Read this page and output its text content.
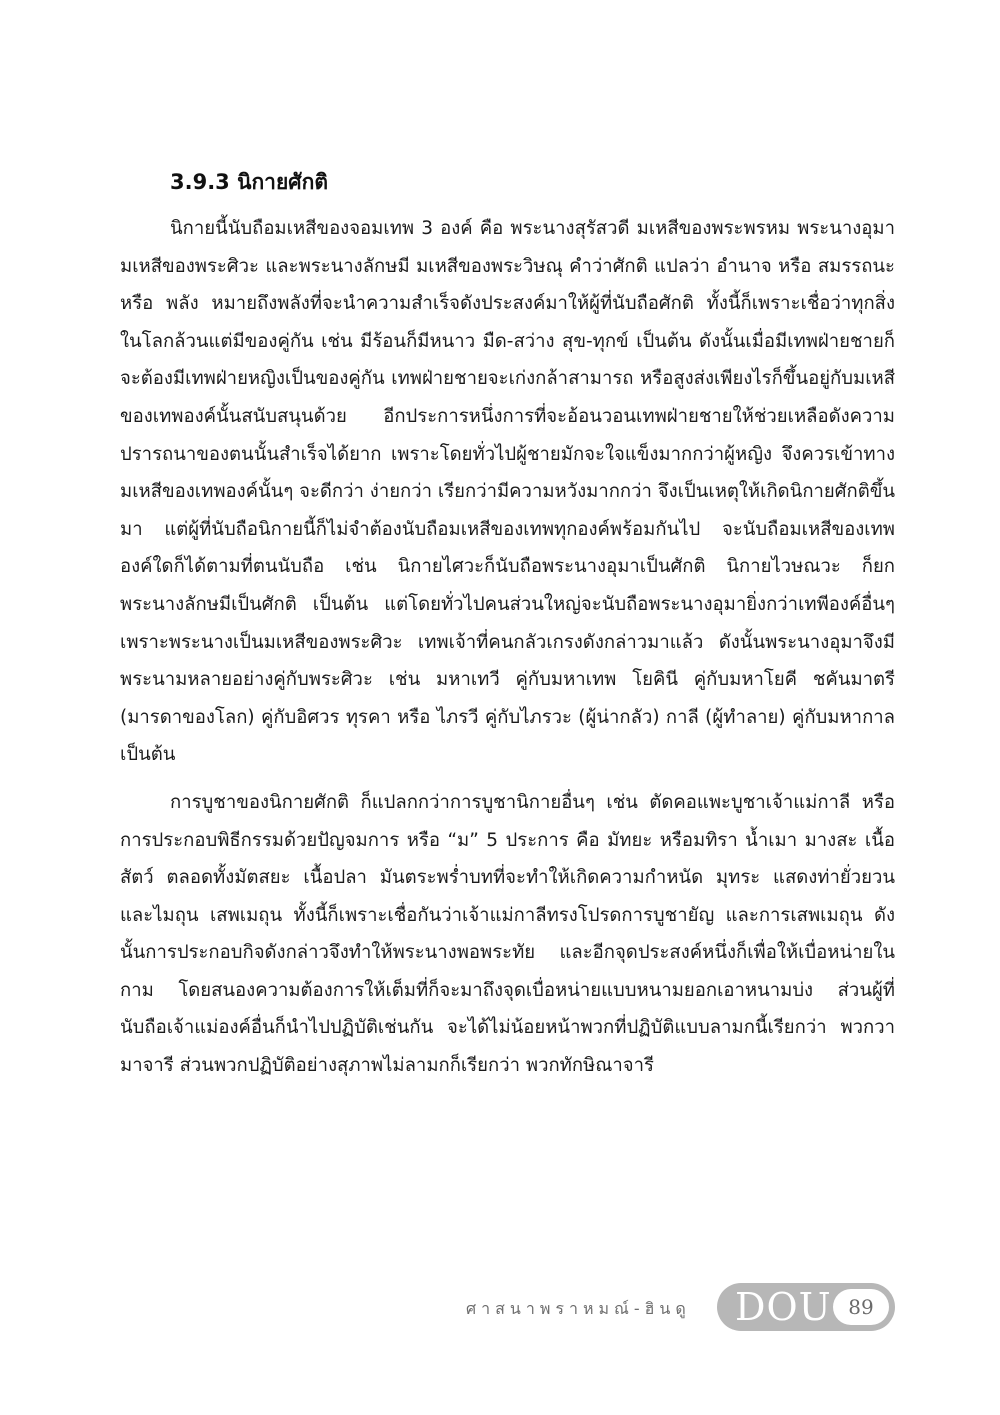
3.9.3 นิกายศักติ

นิกายนี้นับถือมเหสีของจอมเทพ 3 องค์ คือ พระนางสุรัสวดี มเหสีของพระพรหม พระนางอุมา มเหสีของพระศิวะ และพระนางลักษมี มเหสีของพระวิษณุ คำว่าศักติ แปลว่า อำนาจ หรือ สมรรถนะ หรือ พลัง หมายถึงพลังที่จะนำความสำเร็จดังประสงค์มาให้ผู้ที่นับถือศักติ ทั้งนี้ก็เพราะเชื่อว่าทุกสิ่งในโลกล้วนแต่มีของคู่กัน เช่น มีร้อนก็มีหนาว มืด-สว่าง สุข-ทุกข์ เป็นต้น ดังนั้นเมื่อมีเทพฝ่ายชายก็จะต้องมีเทพฝ่ายหญิงเป็นของคู่กัน เทพฝ่ายชายจะเก่งกล้าสามารถ หรือสูงส่งเพียงไรก็ขึ้นอยู่กับมเหสีของเทพองค์นั้นสนับสนุนด้วย อีกประการหนึ่งการที่จะอ้อนวอนเทพฝ่ายชายให้ช่วยเหลือดังความปรารถนาของตนนั้นสำเร็จได้ยาก เพราะโดยทั่วไปผู้ชายมักจะใจแข็งมากกว่าผู้หญิง จึงควรเข้าทางมเหสีของเทพองค์นั้นๆ จะดีกว่า ง่ายกว่า เรียกว่ามีความหวังมากกว่า จึงเป็นเหตุให้เกิดนิกายศักติขึ้นมา แต่ผู้ที่นับถือนิกายนี้ก็ไม่จำต้องนับถือมเหสีของเทพทุกองค์พร้อมกันไป จะนับถือมเหสีของเทพองค์ใดก็ได้ตามที่ตนนับถือ เช่น นิกายไศวะก็นับถือพระนางอุมาเป็นศักติ นิกายไวษณวะ ก็ยกพระนางลักษมีเป็นศักติ เป็นต้น แต่โดยทั่วไปคนส่วนใหญ่จะนับถือพระนางอุมายิ่งกว่าเทพีองค์อื่นๆ เพราะพระนางเป็นมเหสีของพระศิวะ เทพเจ้าที่คนกลัวเกรงดังกล่าวมาแล้ว ดังนั้นพระนางอุมาจึงมีพระนามหลายอย่างคู่กับพระศิวะ เช่น มหาเทวี คู่กับมหาเทพ โยคินี คู่กับมหาโยคี ชคันมาตรี (มารดาของโลก) คู่กับอิศวร ทุรคา หรือ ไภรวี คู่กับไภรวะ (ผู้น่ากลัว) กาลี (ผู้ทำลาย) คู่กับมหากาล เป็นต้น

การบูชาของนิกายศักติ ก็แปลกกว่าการบูชานิกายอื่นๆ เช่น ตัดคอแพะบูชาเจ้าแม่กาลี หรือการประกอบพิธีกรรมด้วยปัญจมการ หรือ “ม” 5 ประการ คือ มัทยะ หรือมทิรา น้ำเมา มางสะ เนื้อสัตว์ ตลอดทั้งมัตสยะ เนื้อปลา มันตระพร่ำบทที่จะทำให้เกิดความกำหนัด มุทระ แสดงท่ายั่วยวน และไมถุน เสพเมถุน ทั้งนี้ก็เพราะเชื่อกันว่าเจ้าแม่กาลีทรงโปรดการบูชายัญ และการเสพเมถุน ดังนั้นการประกอบกิจดังกล่าวจึงทำให้พระนางพอพระทัย และอีกจุดประสงค์หนึ่งก็เพื่อให้เบื่อหน่ายในกาม โดยสนองความต้องการให้เต็มที่ก็จะมาถึงจุดเบื่อหน่ายแบบหนามยอกเอาหนามบ่ง ส่วนผู้ที่นับถือเจ้าแม่องค์อื่นก็นำไปปฏิบัติเช่นกัน จะได้ไม่น้อยหน้าพวกที่ปฏิบัติแบบลามกนี้เรียกว่า พวกวามาจารี ส่วนพวกปฏิบัติอย่างสุภาพไม่ลามกก็เรียกว่า พวกทักษิณาจารี

ศาสนาพราหมณ์-ฮินดู DOU 89
